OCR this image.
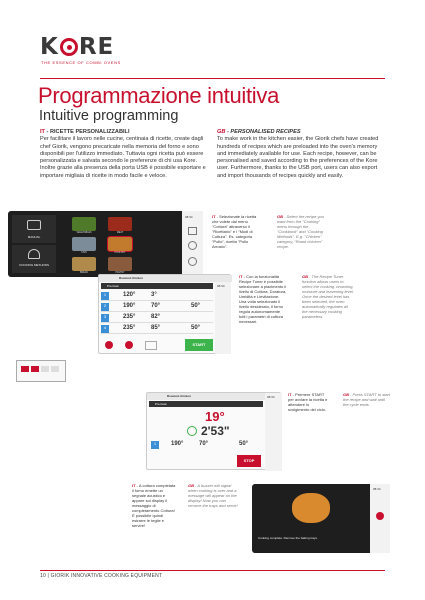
K RE
THE ESSENCE OF COMBI OVENS
Programmazione intuitiva
Intuitive programming
IT - RICETTE PERSONALIZZABILI
Per facilitare il lavoro nelle cucine, centinaia di ricette, create dagli chef Giorik, vengono precaricate nella memoria del forno e sono disponibili per l'utilizzo immediato. Tuttavia ogni ricetta può essere personalizzata e salvata secondo le preferenze di chi usa Kore. Inoltre grazie alla presenza della porta USB è possibile esportare e importare migliaia di ricette in modo facile e veloce.
GB - PERSONALISED RECIPES
To make work in the kitchen easier, the Giorik chefs have created hundreds of recipes which are preloaded into the oven's memory and immediately available for use. Each recipe, however, can be personalised and saved according to the preferences of the Kore user. Furthermore, thanks to the USB port, users can also export and import thousands of recipes quickly and easily.
MANUAL
COOKING METHODS
VEGETABLES	MEAT
FISH	POULTRY
BREAD	PASTRY
08:34	IT - Selezionate la ricetta che volete dal menù "Cottura" attraverso il "Ricettario" e i "Modi di Cottura". Es. categoria "Pollo", ricetta "Pollo Arrosto".
GB - Select the recipe you want from the "Cooking" menu through the "Cookbook" and "Cooking Methods". E.g. "Chicken" category, "Roast chicken" recipe.
Roasted chicken
Pre-heat
1	120°	3°
2	190°	70°	50°
3	235°	82°
4	235°	85°	50°
START
08:34
IT - Con la funzionalità Recipe Tuner è possibile selezionare a piacimento il livello di Cottura, Doratura, Umidità e Lievitazione. Una volta selezionato il livello desiderato, il forno regola autonomamente tutti i parametri di cottura necessari.
GB - The Recipe Tuner function allows users to select the cooking, browning, moisture and leavening level. Once the desired level has been selected, the oven automatically regulates all the necessary cooking parameters.
Roasted chicken
Pre-heat
19°
2'53"
1	190°	70°	50°
STOP
08:34	IT - Premere START per avviare la ricetta e attendere lo svolgimento del ciclo.
GB - Press START to start the recipe and wait until the cycle ends.
IT - A cottura completata il forno emette un segnale acustico e appare sul display il messaggio di completamento Cottura! È possibile quindi estrarre le teglie e servire!
GB - A buzzer will signal when cooking is over and a message will appear on the display! Now you can remove the trays and serve!
Cooking complete. Remove the baking trays.
08:34
10 | GIORIK INNOVATIVE COOKING EQUIPMENT
